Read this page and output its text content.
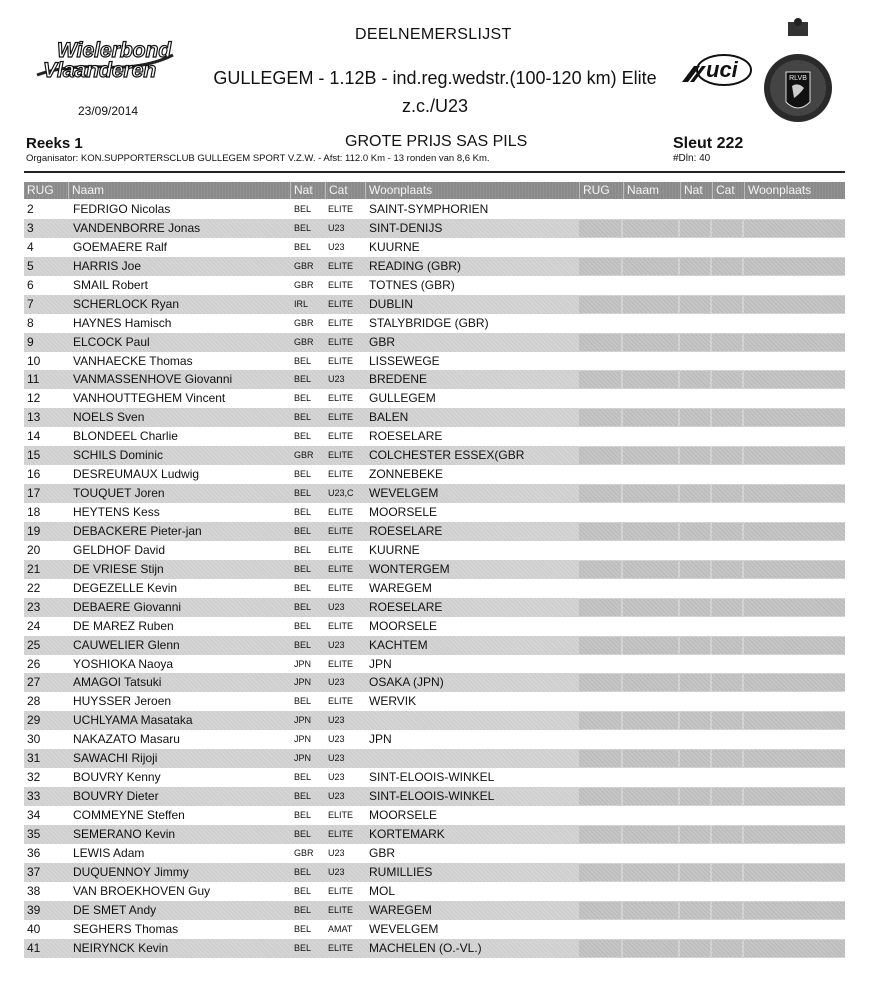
Wielerbond
Vlaanderen
23/09/2014
DEELNEMERSLIJST
GULLEGEM - 1.12B - ind.reg.wedstr.(100-120 km) Elite
z.c./U23
uci	RLVB
Reeks 1
Organisator: KON.SUPPORTERSCLUB GULLEGEM SPORT V.Z.W. - Afst: 112.0 Km - 13 ronden van 8,6 Km.
GROTE PRIJS SAS PILS	Sleut 222
#Dln: 40
RUG	Naam	Nat	Cat	Woonplaats	RUG	Naam	Nat	Cat	Woonplaats
2	FEDRIGO Nicolas	BEL	ELITE	SAINT-SYMPHORIEN
3	VANDENBORRE Jonas	BEL	U23	SINT-DENIJS
4	GOEMAERE Ralf	BEL	U23	KUURNE
5	HARRIS Joe	GBR	ELITE	READING (GBR)
6	SMAIL Robert	GBR	ELITE	TOTNES (GBR)
7	SCHERLOCK Ryan	IRL	ELITE	DUBLIN
8	HAYNES Hamisch	GBR	ELITE	STALYBRIDGE (GBR)
9	ELCOCK Paul	GBR	ELITE	GBR
10	VANHAECKE Thomas	BEL	ELITE	LISSEWEGE
11	VANMASSENHOVE Giovanni	BEL	U23	BREDENE
12	VANHOUTTEGHEM Vincent	BEL	ELITE	GULLEGEM
13	NOELS Sven	BEL	ELITE	BALEN
14	BLONDEEL Charlie	BEL	ELITE	ROESELARE
15	SCHILS Dominic	GBR	ELITE	COLCHESTER ESSEX(GBR
16	DESREUMAUX Ludwig	BEL	ELITE	ZONNEBEKE
17	TOUQUET Joren	BEL	U23,C	WEVELGEM
18	HEYTENS Kess	BEL	ELITE	MOORSELE
19	DEBACKERE Pieter-jan	BEL	ELITE	ROESELARE
20	GELDHOF David	BEL	ELITE	KUURNE
21	DE VRIESE Stijn	BEL	ELITE	WONTERGEM
22	DEGEZELLE Kevin	BEL	ELITE	WAREGEM
23	DEBAERE Giovanni	BEL	U23	ROESELARE
24	DE MAREZ Ruben	BEL	ELITE	MOORSELE
25	CAUWELIER Glenn	BEL	U23	KACHTEM
26	YOSHIOKA Naoya	JPN	ELITE	JPN
27	AMAGOI Tatsuki	JPN	U23	OSAKA (JPN)
28	HUYSSER Jeroen	BEL	ELITE	WERVIK
29	UCHLYAMA Masataka	JPN	U23
30	NAKAZATO Masaru	JPN	U23	JPN
31	SAWACHI Rijoji	JPN	U23
32	BOUVRY Kenny	BEL	U23	SINT-ELOOIS-WINKEL
33	BOUVRY Dieter	BEL	U23	SINT-ELOOIS-WINKEL
34	COMMEYNE Steffen	BEL	ELITE	MOORSELE
35	SEMERANO Kevin	BEL	ELITE	KORTEMARK
36	LEWIS Adam	GBR	U23	GBR
37	DUQUENNOY Jimmy	BEL	U23	RUMILLIES
38	VAN BROEKHOVEN Guy	BEL	ELITE	MOL
39	DE SMET Andy	BEL	ELITE	WAREGEM
40	SEGHERS Thomas	BEL	AMAT	WEVELGEM
41	NEIRYNCK Kevin	BEL	ELITE	MACHELEN (O.-VL.)
